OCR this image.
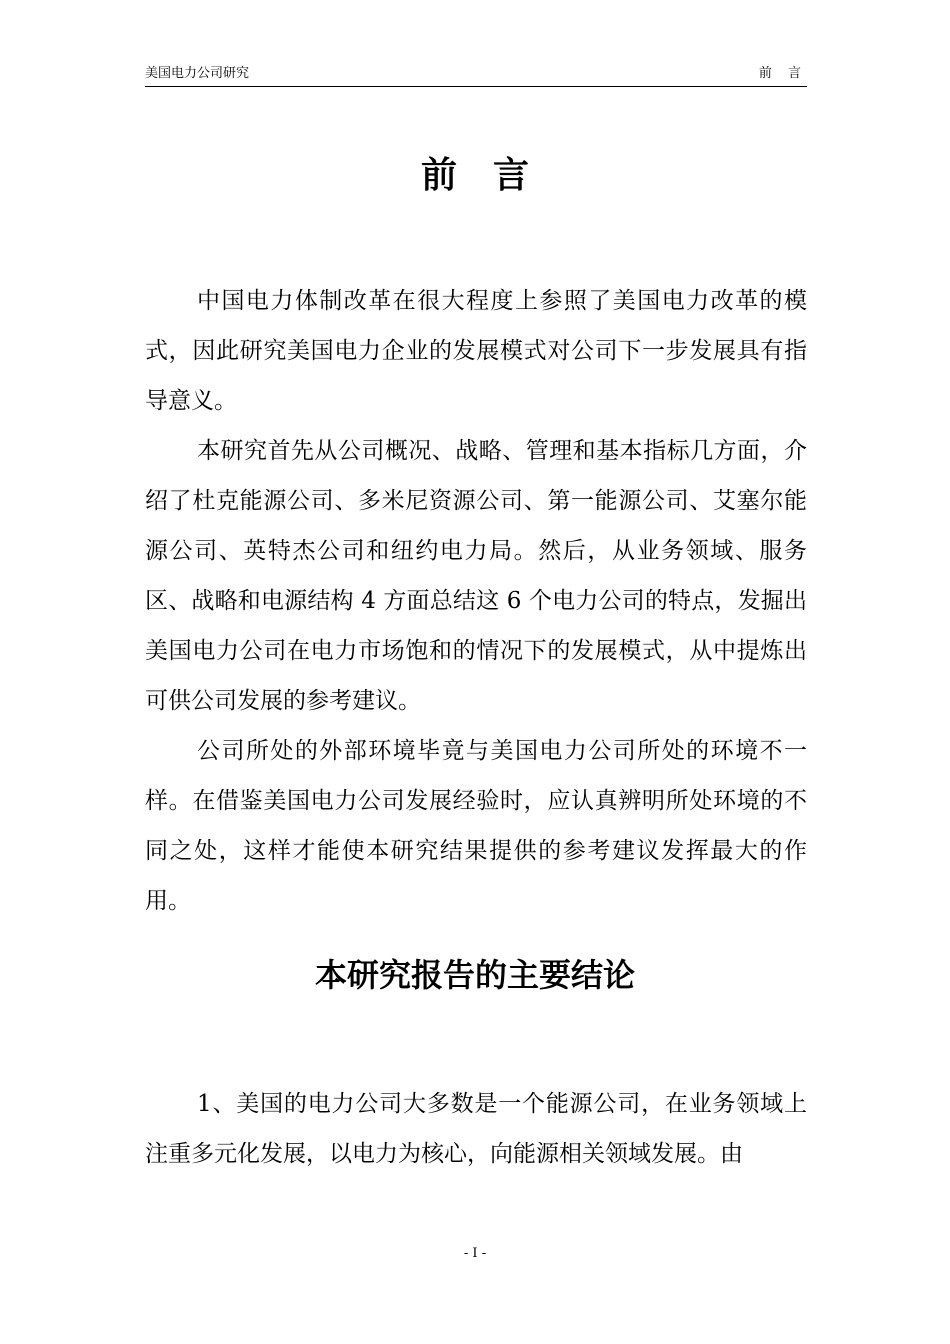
美国电力公司研究	前 言
前言

中国电力体制改革在很大程度上参照了美国电力改革的模式，因此研究美国电力企业的发展模式对公司下一步发展具有指导意义。

本研究首先从公司概况、战略、管理和基本指标几方面，介绍了杜克能源公司、多米尼资源公司、第一能源公司、艾塞尔能源公司、英特杰公司和纽约电力局。然后，从业务领域、服务区、战略和电源结构 4 方面总结这 6 个电力公司的特点，发掘出美国电力公司在电力市场饱和的情况下的发展模式，从中提炼出可供公司发展的参考建议。

公司所处的外部环境毕竟与美国电力公司所处的环境不一样。在借鉴美国电力公司发展经验时，应认真辨明所处环境的不同之处，这样才能使本研究结果提供的参考建议发挥最大的作用。

本研究报告的主要结论

1、美国的电力公司大多数是一个能源公司，在业务领域上注重多元化发展，以电力为核心，向能源相关领域发展。由

- I -
